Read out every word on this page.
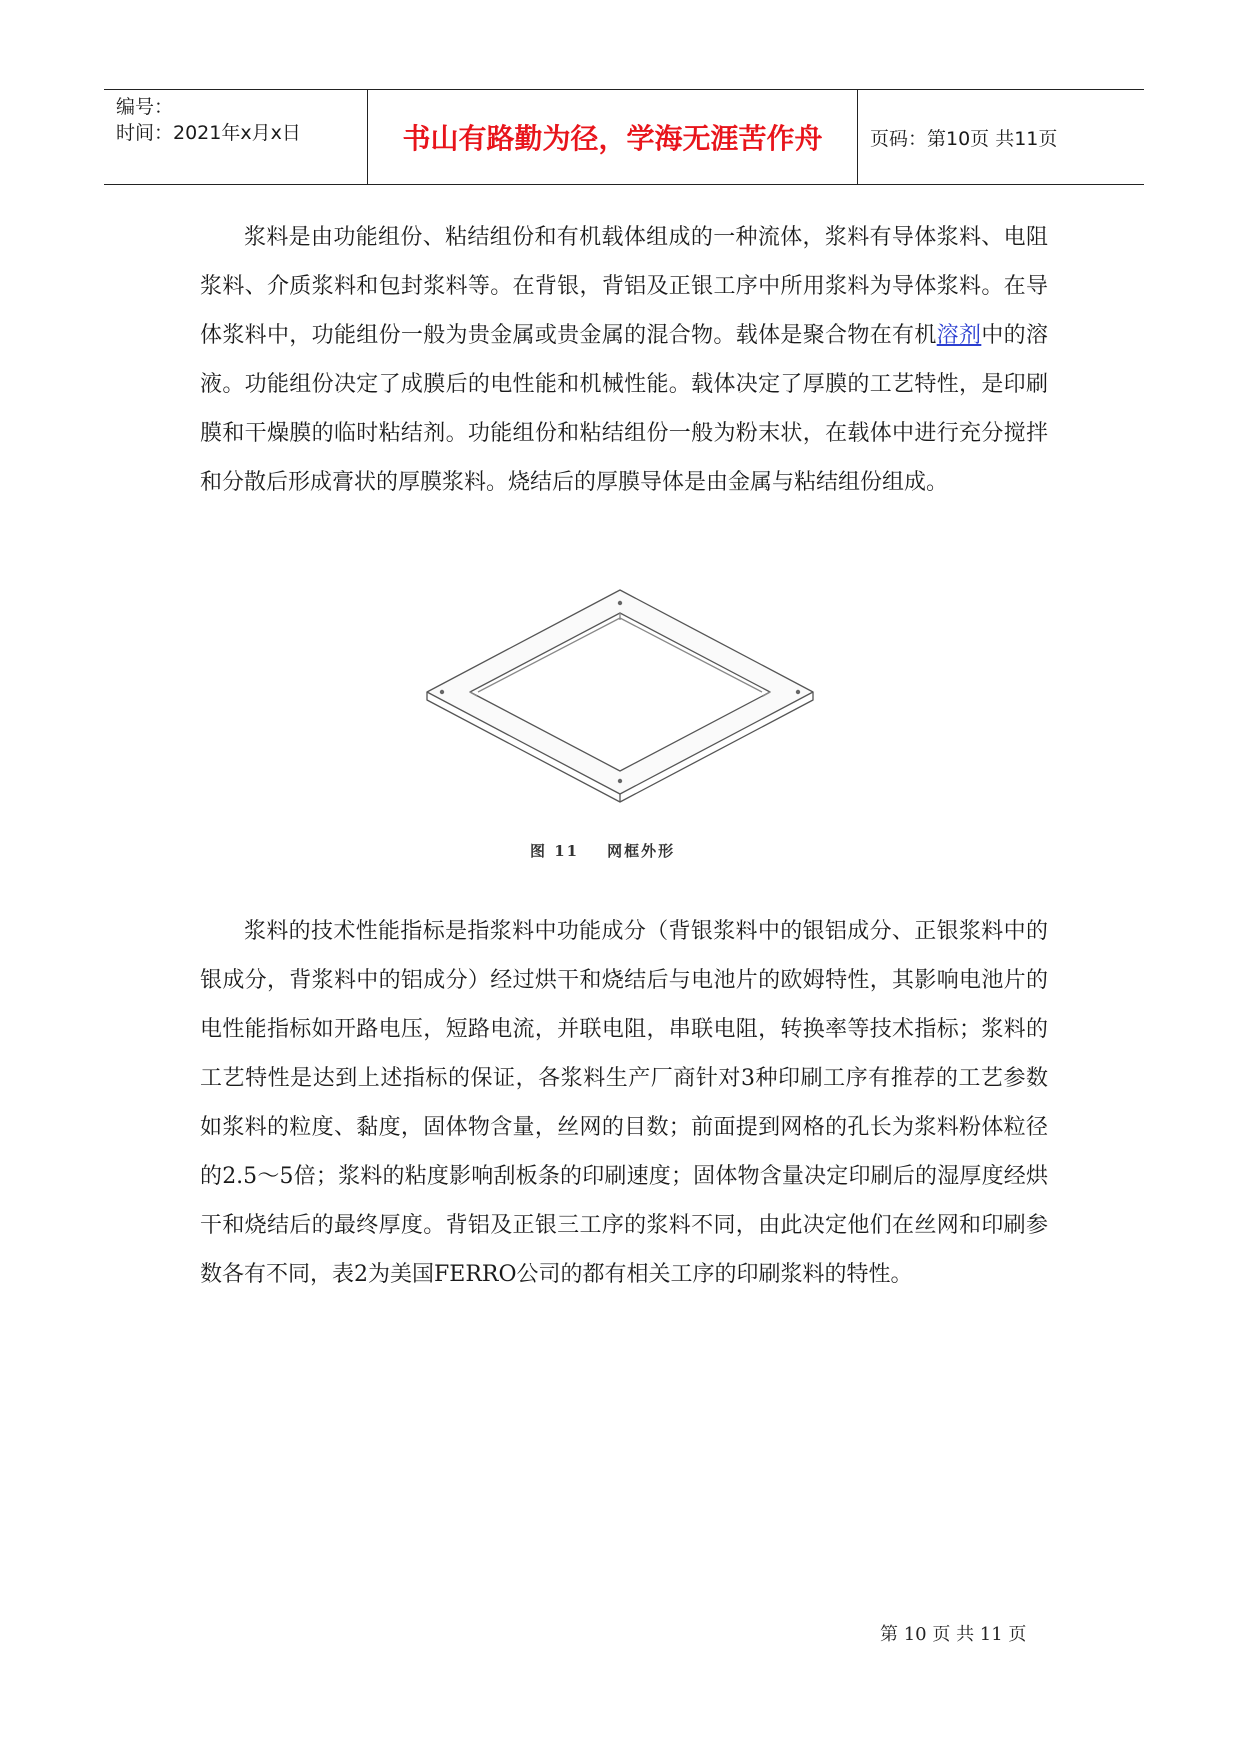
编号：
时间：2021年x月x日	书山有路勤为径，学海无涯苦作舟	页码：第10页 共11页

浆料是由功能组份、粘结组份和有机载体组成的一种流体，浆料有导体浆料、电阻浆料、介质浆料和包封浆料等。在背银，背铝及正银工序中所用浆料为导体浆料。在导体浆料中，功能组份一般为贵金属或贵金属的混合物。载体是聚合物在有机溶剂中的溶液。功能组份决定了成膜后的电性能和机械性能。载体决定了厚膜的工艺特性，是印刷膜和干燥膜的临时粘结剂。功能组份和粘结组份一般为粉末状，在载体中进行充分搅拌和分散后形成膏状的厚膜浆料。烧结后的厚膜导体是由金属与粘结组份组成。

图 11 网框外形

浆料的技术性能指标是指浆料中功能成分（背银浆料中的银铝成分、正银浆料中的银成分，背浆料中的铝成分）经过烘干和烧结后与电池片的欧姆特性，其影响电池片的电性能指标如开路电压，短路电流，并联电阻，串联电阻，转换率等技术指标；浆料的工艺特性是达到上述指标的保证，各浆料生产厂商针对3种印刷工序有推荐的工艺参数如浆料的粒度、黏度，固体物含量，丝网的目数；前面提到网格的孔长为浆料粉体粒径的2.5～5倍；浆料的粘度影响刮板条的印刷速度；固体物含量决定印刷后的湿厚度经烘干和烧结后的最终厚度。背铝及正银三工序的浆料不同，由此决定他们在丝网和印刷参数各有不同，表2为美国FERRO公司的都有相关工序的印刷浆料的特性。

第 10 页 共 11 页
